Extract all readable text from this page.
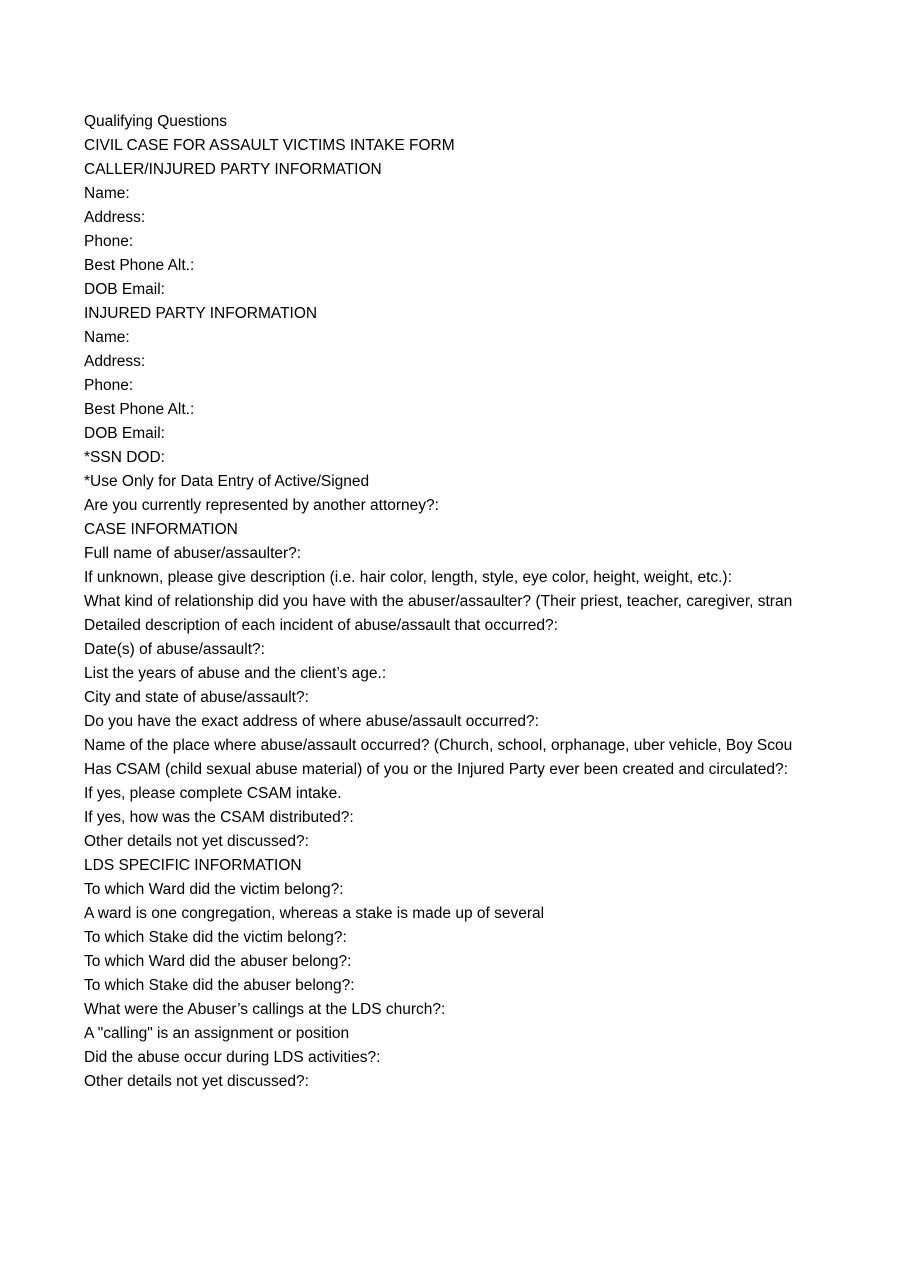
Qualifying Questions
CIVIL CASE FOR ASSAULT VICTIMS INTAKE FORM
CALLER/INJURED PARTY INFORMATION
Name:
Address:
Phone:
Best Phone Alt.:
DOB Email:
INJURED PARTY INFORMATION
Name:
Address:
Phone:
Best Phone Alt.:
DOB Email:
*SSN DOD:
*Use Only for Data Entry of Active/Signed
Are you currently represented by another attorney?:
CASE INFORMATION
Full name of abuser/assaulter?:
If unknown, please give description (i.e. hair color, length, style, eye color, height, weight, etc.):
What kind of relationship did you have with the abuser/assaulter? (Their priest, teacher, caregiver, stran
Detailed description of each incident of abuse/assault that occurred?:
Date(s) of abuse/assault?:
List the years of abuse and the client’s age.:
City and state of abuse/assault?:
Do you have the exact address of where abuse/assault occurred?:
Name of the place where abuse/assault occurred? (Church, school, orphanage, uber vehicle, Boy Scou
Has CSAM (child sexual abuse material) of you or the Injured Party ever been created and circulated?:
If yes, please complete CSAM intake.
If yes, how was the CSAM distributed?:
Other details not yet discussed?:
LDS SPECIFIC INFORMATION
To which Ward did the victim belong?:
A ward is one congregation, whereas a stake is made up of several
To which Stake did the victim belong?:
To which Ward did the abuser belong?:
To which Stake did the abuser belong?:
What were the Abuser’s callings at the LDS church?:
A "calling" is an assignment or position
Did the abuse occur during LDS activities?:
Other details not yet discussed?:
